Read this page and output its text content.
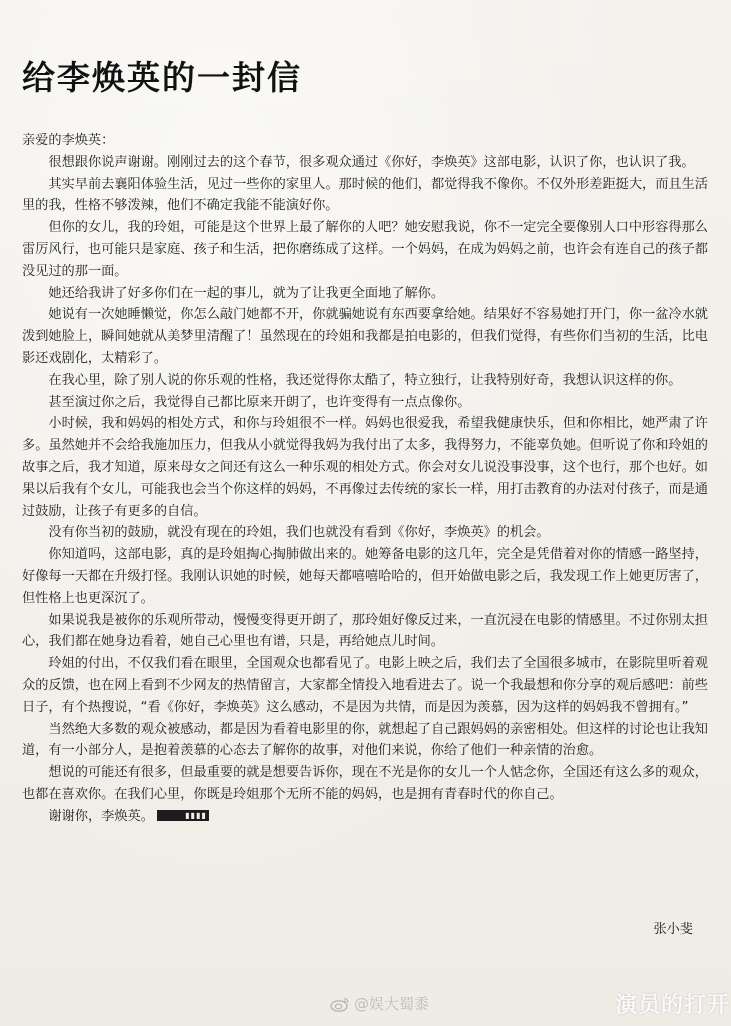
给李焕英的一封信

亲爱的李焕英：

很想跟你说声谢谢。刚刚过去的这个春节，很多观众通过《你好，李焕英》这部电影，认识了你，也认识了我。

其实早前去襄阳体验生活，见过一些你的家里人。那时候的他们，都觉得我不像你。不仅外形差距挺大，而且生活里的我，性格不够泼辣，他们不确定我能不能演好你。

但你的女儿，我的玲姐，可能是这个世界上最了解你的人吧？她安慰我说，你不一定完全要像别人口中形容得那么雷厉风行，也可能只是家庭、孩子和生活，把你磨练成了这样。一个妈妈，在成为妈妈之前，也许会有连自己的孩子都没见过的那一面。

她还给我讲了好多你们在一起的事儿，就为了让我更全面地了解你。

她说有一次她睡懒觉，你怎么敲门她都不开，你就骗她说有东西要拿给她。结果好不容易她打开门，你一盆冷水就泼到她脸上，瞬间她就从美梦里清醒了！虽然现在的玲姐和我都是拍电影的，但我们觉得，有些你们当初的生活，比电影还戏剧化，太精彩了。

在我心里，除了别人说的你乐观的性格，我还觉得你太酷了，特立独行，让我特别好奇，我想认识这样的你。

甚至演过你之后，我觉得自己都比原来开朗了，也许变得有一点点像你。

小时候，我和妈妈的相处方式，和你与玲姐很不一样。妈妈也很爱我，希望我健康快乐，但和你相比，她严肃了许多。虽然她并不会给我施加压力，但我从小就觉得我妈为我付出了太多，我得努力，不能辜负她。但听说了你和玲姐的故事之后，我才知道，原来母女之间还有这么一种乐观的相处方式。你会对女儿说没事没事，这个也行，那个也好。如果以后我有个女儿，可能我也会当个你这样的妈妈，不再像过去传统的家长一样，用打击教育的办法对付孩子，而是通过鼓励，让孩子有更多的自信。

没有你当初的鼓励，就没有现在的玲姐，我们也就没有看到《你好，李焕英》的机会。

你知道吗，这部电影，真的是玲姐掏心掏肺做出来的。她筹备电影的这几年，完全是凭借着对你的情感一路坚持，好像每一天都在升级打怪。我刚认识她的时候，她每天都嘻嘻哈哈的，但开始做电影之后，我发现工作上她更厉害了，但性格上也更深沉了。

如果说我是被你的乐观所带动，慢慢变得更开朗了，那玲姐好像反过来，一直沉浸在电影的情感里。不过你别太担心，我们都在她身边看着，她自己心里也有谱，只是，再给她点儿时间。

玲姐的付出，不仅我们看在眼里，全国观众也都看见了。电影上映之后，我们去了全国很多城市，在影院里听着观众的反馈，也在网上看到不少网友的热情留言，大家都全情投入地看进去了。说一个我最想和你分享的观后感吧：前些日子，有个热搜说，“看《你好，李焕英》这么感动，不是因为共情，而是因为羡慕，因为这样的妈妈我不曾拥有。”

当然绝大多数的观众被感动，都是因为看着电影里的你，就想起了自己跟妈妈的亲密相处。但这样的讨论也让我知道，有一小部分人，是抱着羡慕的心态去了解你的故事，对他们来说，你给了他们一种亲情的治愈。

想说的可能还有很多，但最重要的就是想要告诉你，现在不光是你的女儿一个人惦念你，全国还有这么多的观众，也都在喜欢你。在我们心里，你既是玲姐那个无所不能的妈妈，也是拥有青春时代的你自己。

谢谢你，李焕英。	▮▮▮▮

张小斐
@娱大蜀黍	演员的打开
